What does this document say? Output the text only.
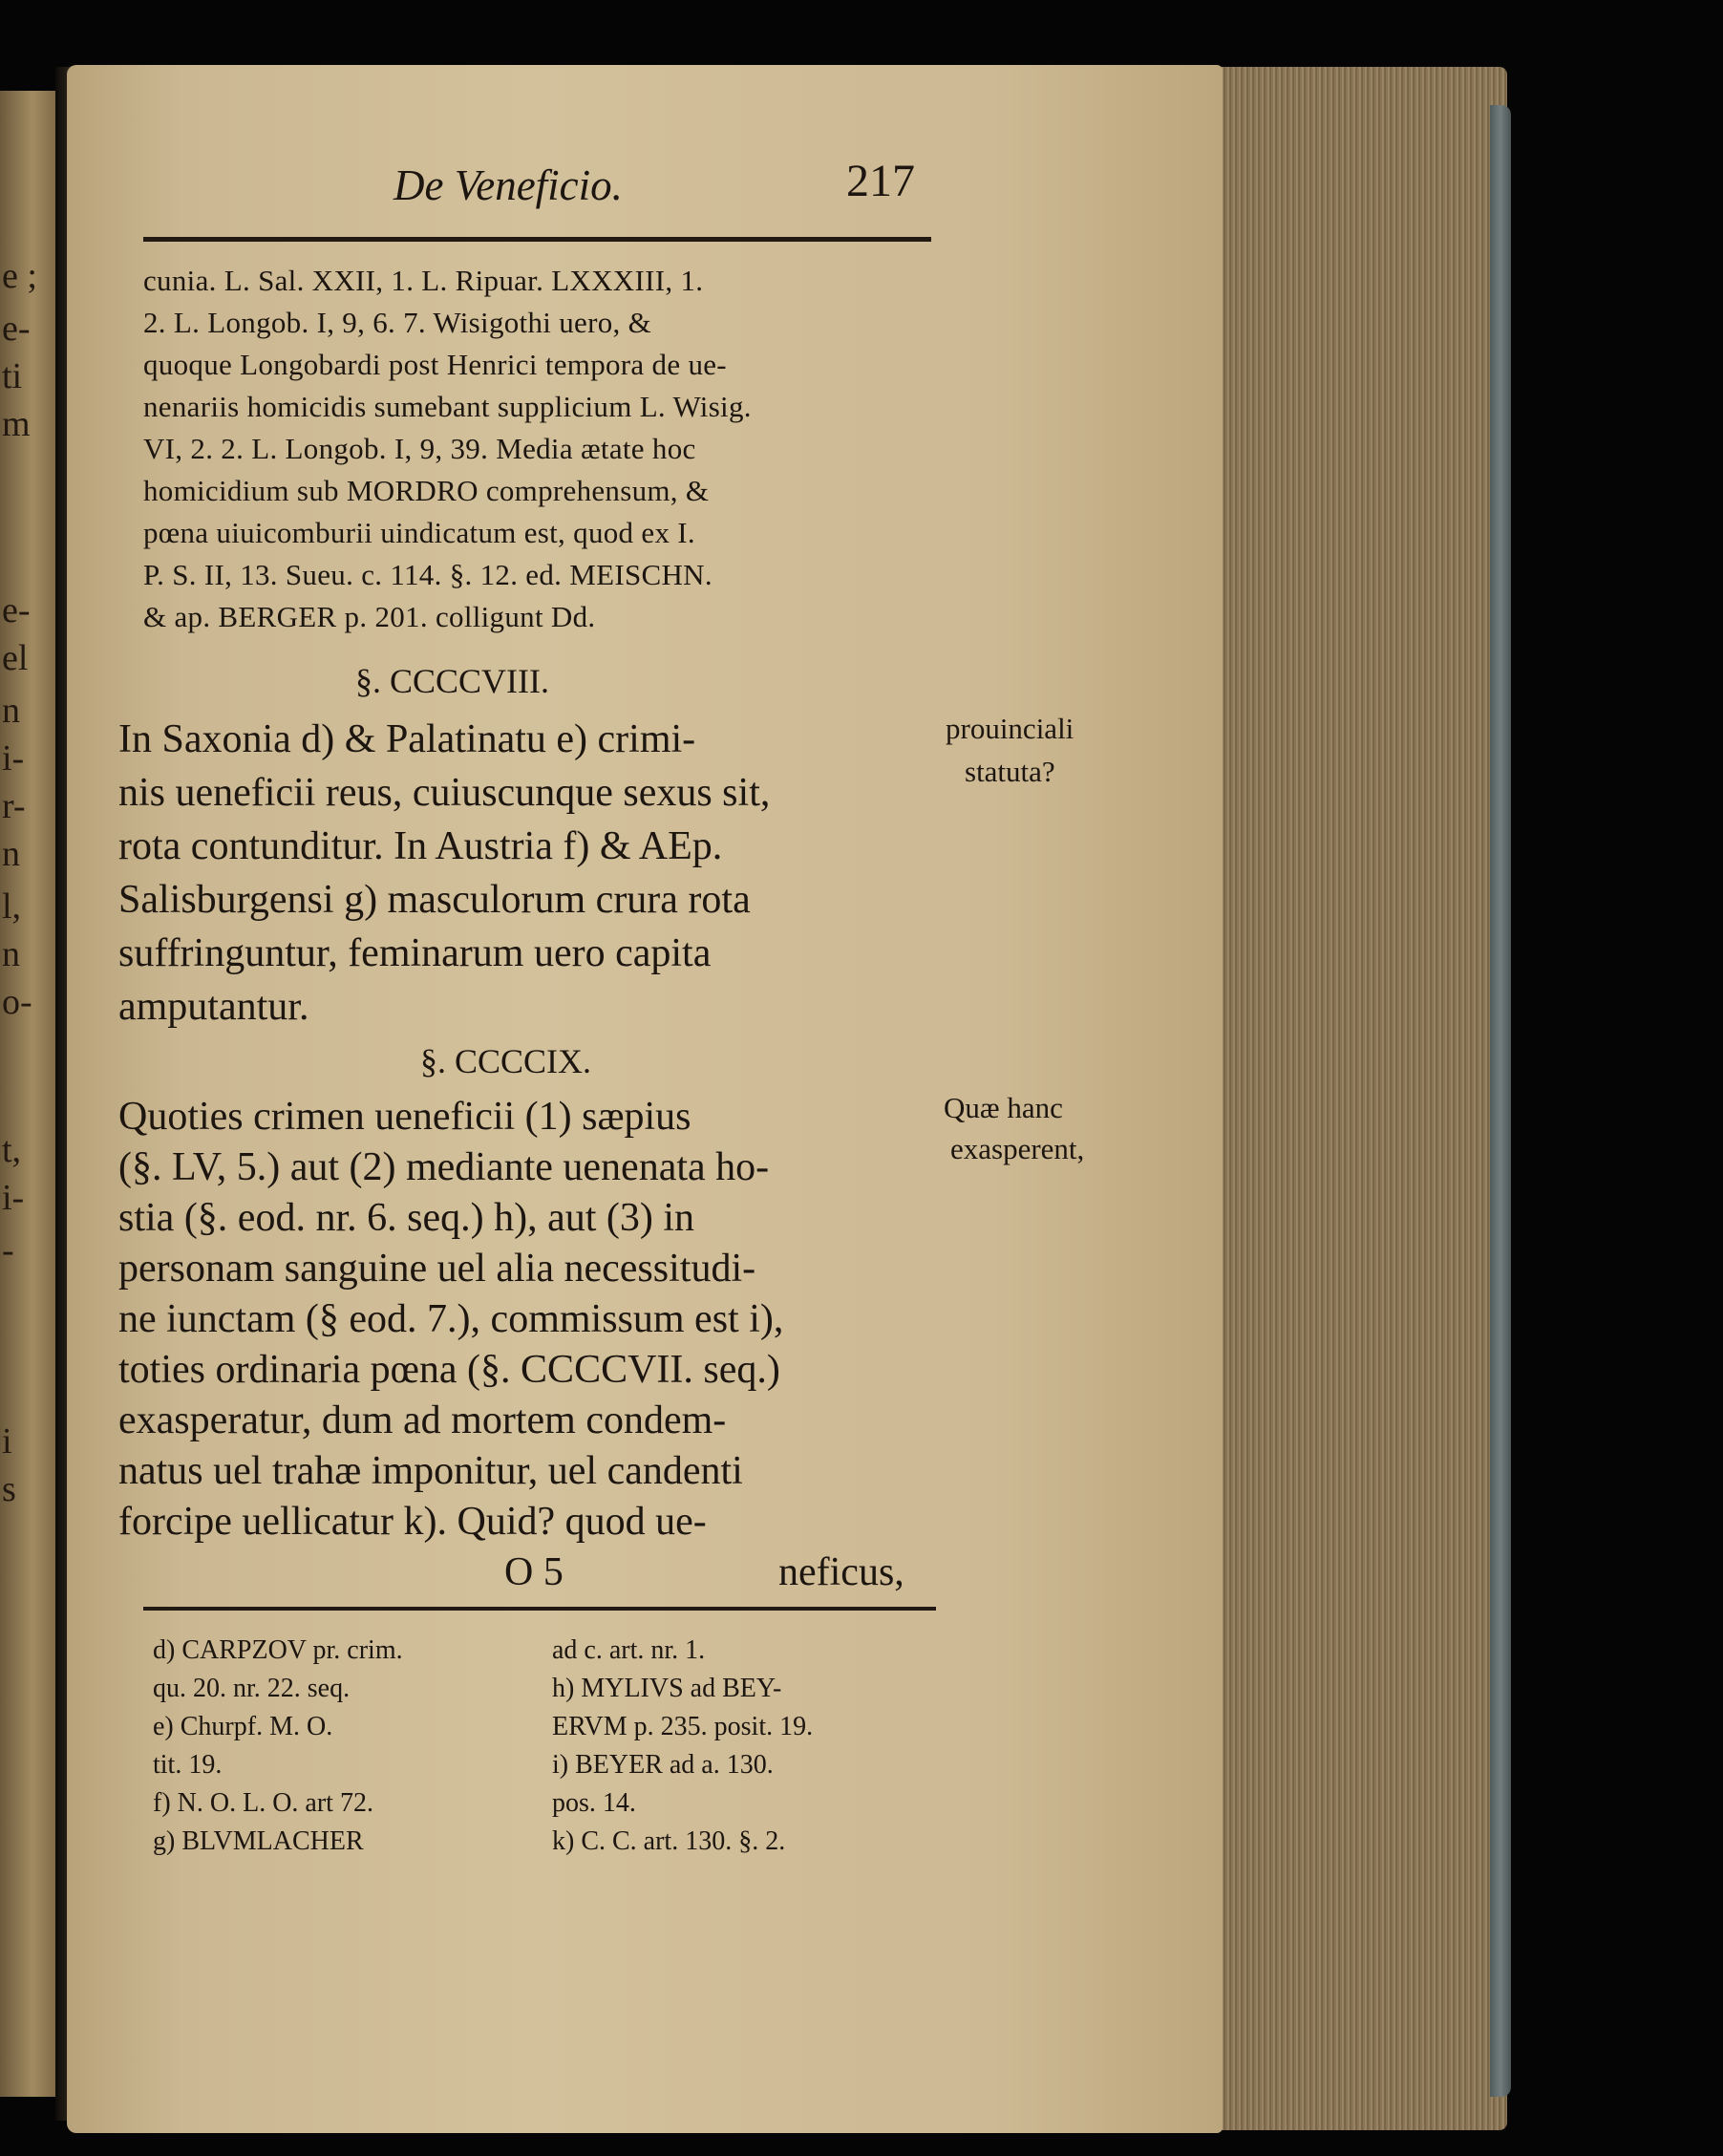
e ;
e-
ti
m
e-
el
n
i-
r-
n
l,
n
o-
t,
i-
-
i
s
De Veneficio.	217
cunia. L. Sal. XXII, 1. L. Ripuar. LXXXIII, 1.
2. L. Longob. I, 9, 6. 7. Wisigothi uero, &
quoque Longobardi post Henrici tempora de ue-
nenariis homicidis sumebant supplicium L. Wisig.
VI, 2. 2. L. Longob. I, 9, 39. Media ætate hoc
homicidium sub MORDRO comprehensum, &
pœna uiuicomburii uindicatum est, quod ex I.
P. S. II, 13. Sueu. c. 114. §. 12. ed. MEISCHN.
& ap. BERGER p. 201. colligunt Dd.
§. CCCCVIII.
In Saxonia d) & Palatinatu e) crimi-
nis ueneficii reus, cuiuscunque sexus sit,
rota contunditur. In Austria f) & AEp.
Salisburgensi g) masculorum crura rota
suffringuntur, feminarum uero capita
amputantur.
prouinciali
statuta?
§. CCCCIX.
Quoties crimen ueneficii (1) sæpius
(§. LV, 5.) aut (2) mediante uenenata ho-
stia (§. eod. nr. 6. seq.) h), aut (3) in
personam sanguine uel alia necessitudi-
ne iunctam (§ eod. 7.), commissum est i),
toties ordinaria pœna (§. CCCCVII. seq.)
exasperatur, dum ad mortem condem-
natus uel trahæ imponitur, uel candenti
forcipe uellicatur k). Quid? quod ue-
Quæ hanc
exasperent,
O 5	neficus,
d) CARPZOV pr. crim.
qu. 20. nr. 22. seq.
e) Churpf. M. O.
tit. 19.
f) N. O. L. O. art 72.
g) BLVMLACHER
ad c. art. nr. 1.
h) MYLIVS ad BEY-
ERVM p. 235. posit. 19.
i) BEYER ad a. 130.
pos. 14.
k) C. C. art. 130. §. 2.
